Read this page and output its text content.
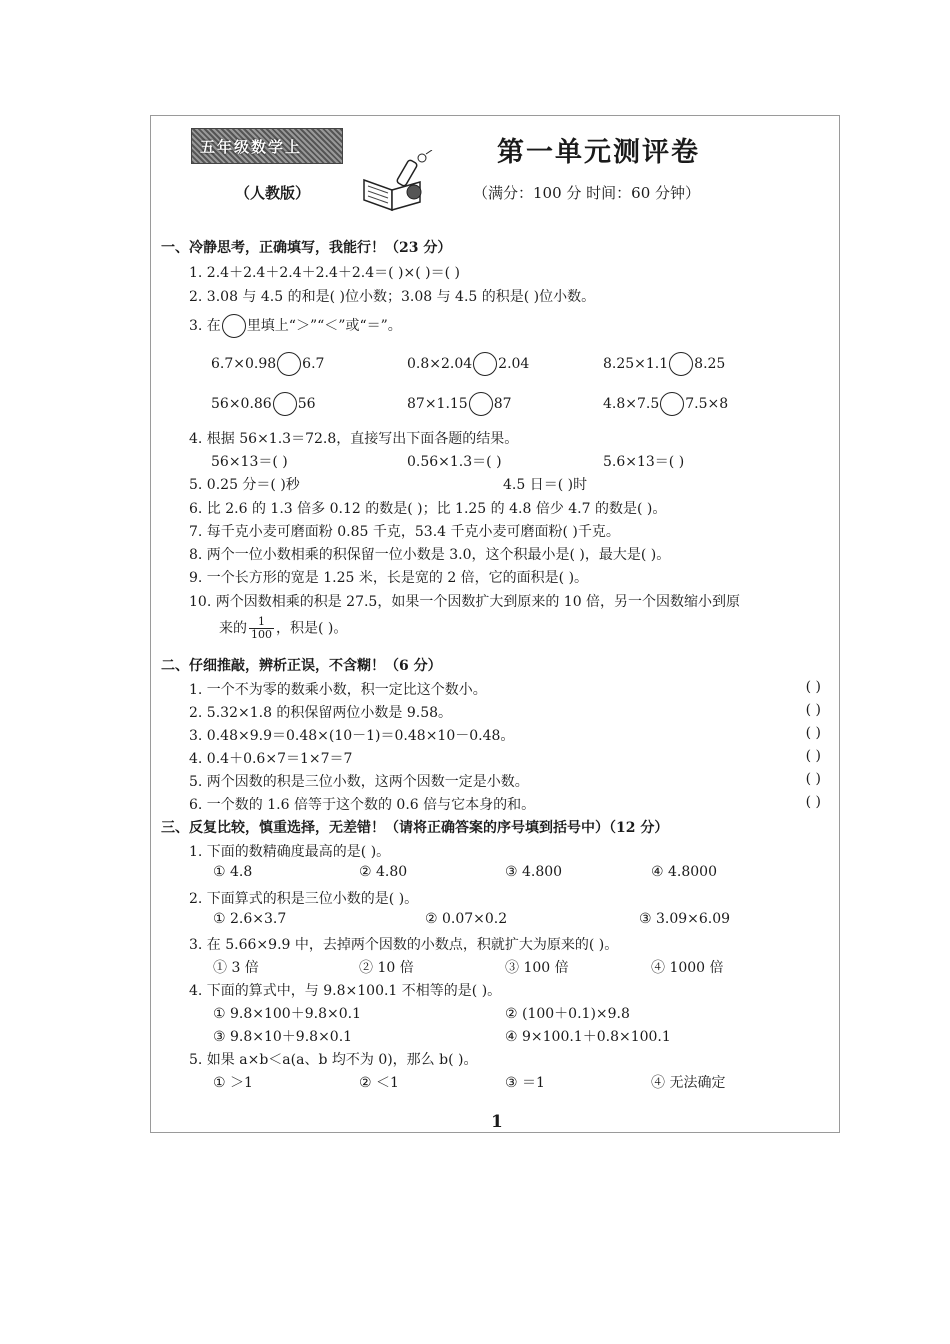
五年级数学上	第一单元测评卷
（人教版）	（满分：100 分 时间：60 分钟）
一、冷静思考，正确填写，我能行！（23 分）
1. 2.4＋2.4＋2.4＋2.4＋2.4＝( )×( )＝( )
2. 3.08 与 4.5 的和是( )位小数；3.08 与 4.5 的积是( )位小数。
3. 在 里填上“＞”“＜”或“＝”。
6.7×0.98 6.7	0.8×2.04 2.04	8.25×1.1 8.25
56×0.86 56	87×1.15 87	4.8×7.5 7.5×8
4. 根据 56×1.3＝72.8，直接写出下面各题的结果。
56×13＝( )	0.56×1.3＝( )	5.6×13＝( )
5. 0.25 分＝( )秒	4.5 日＝( )时
6. 比 2.6 的 1.3 倍多 0.12 的数是( )；比 1.25 的 4.8 倍少 4.7 的数是( )。
7. 每千克小麦可磨面粉 0.85 千克，53.4 千克小麦可磨面粉( )千克。
8. 两个一位小数相乘的积保留一位小数是 3.0，这个积最小是( )，最大是( )。
9. 一个长方形的宽是 1.25 米，长是宽的 2 倍，它的面积是( )。
10. 两个因数相乘的积是 27.5，如果一个因数扩大到原来的 10 倍，另一个因数缩小到原
来的 $\frac{1}{100}$ ，积是( )。
二、仔细推敲，辨析正误，不含糊！（6 分）
1. 一个不为零的数乘小数，积一定比这个数小。	( )
2. 5.32×1.8 的积保留两位小数是 9.58。	( )
3. 0.48×9.9＝0.48×(10－1)＝0.48×10－0.48。	( )
4. 0.4＋0.6×7＝1×7＝7	( )
5. 两个因数的积是三位小数，这两个因数一定是小数。	( )
6. 一个数的 1.6 倍等于这个数的 0.6 倍与它本身的和。	( )
三、反复比较，慎重选择，无差错！（请将正确答案的序号填到括号中）（12 分）
1. 下面的数精确度最高的是( )。
① 4.8	② 4.80	③ 4.800	④ 4.8000
2. 下面算式的积是三位小数的是( )。
① 2.6×3.7	② 0.07×0.2	③ 3.09×6.09
3. 在 5.66×9.9 中，去掉两个因数的小数点，积就扩大为原来的( )。
① 3 倍	② 10 倍	③ 100 倍	④ 1000 倍
4. 下面的算式中，与 9.8×100.1 不相等的是( )。
① 9.8×100＋9.8×0.1	② (100＋0.1)×9.8
③ 9.8×10＋9.8×0.1	④ 9×100.1＋0.8×100.1
5. 如果 a×b＜a(a、b 均不为 0)，那么 b( )。
① ＞1	② ＜1	③ ＝1	④ 无法确定
1
